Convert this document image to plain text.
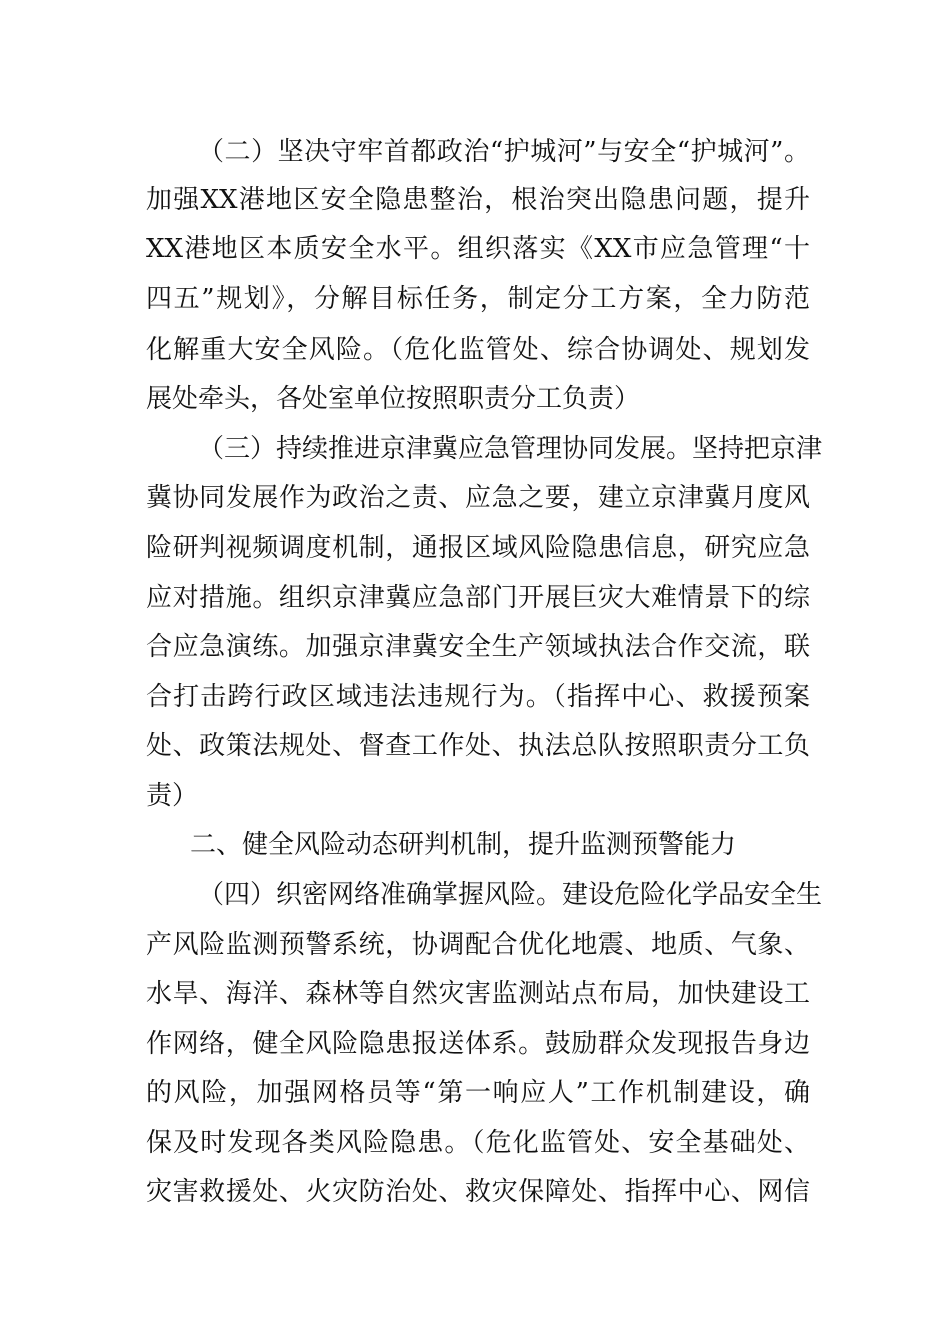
（二）坚决守牢首都政治“护城河”与安全“护城河”。
加强XX港地区安全隐患整治，根治突出隐患问题，提升
XX港地区本质安全水平。组织落实《XX市应急管理“十
四五”规划》，分解目标任务，制定分工方案，全力防范
化解重大安全风险。（危化监管处、综合协调处、规划发
展处牵头，各处室单位按照职责分工负责）
（三）持续推进京津冀应急管理协同发展。坚持把京津
冀协同发展作为政治之责、应急之要，建立京津冀月度风
险研判视频调度机制，通报区域风险隐患信息，研究应急
应对措施。组织京津冀应急部门开展巨灾大难情景下的综
合应急演练。加强京津冀安全生产领域执法合作交流，联
合打击跨行政区域违法违规行为。（指挥中心、救援预案
处、政策法规处、督查工作处、执法总队按照职责分工负
责）
二、健全风险动态研判机制，提升监测预警能力
（四）织密网络准确掌握风险。建设危险化学品安全生
产风险监测预警系统，协调配合优化地震、地质、气象、
水旱、海洋、森林等自然灾害监测站点布局，加快建设工
作网络，健全风险隐患报送体系。鼓励群众发现报告身边
的风险，加强网格员等“第一响应人”工作机制建设，确
保及时发现各类风险隐患。（危化监管处、安全基础处、
灾害救援处、火灾防治处、救灾保障处、指挥中心、网信
